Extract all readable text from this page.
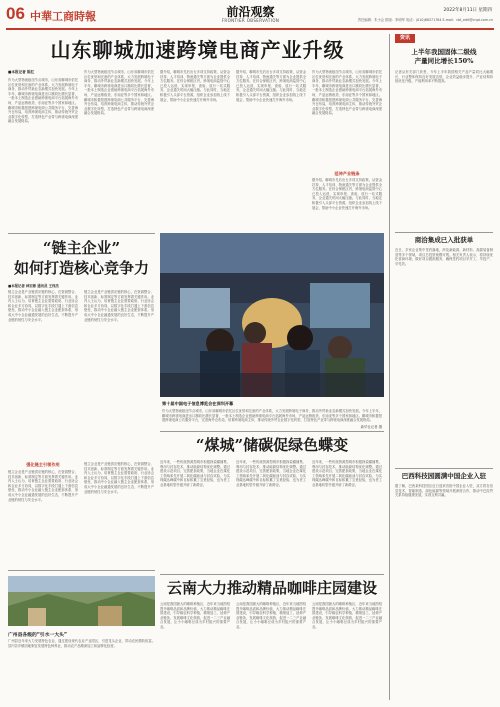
06 中華工商時報	前沿观察
FRONTIER OBSERVATION
2022年8月11日 星期四
责任编辑：朱小会 排版：李明军 电话：(010)88371784 E-mail：cbt_edit@cnpt.com.cn
山东聊城加速跨境电商产业升级
■本报记者 陈红
作为大型物流枢纽节点城市，山东省聊城市依托区位优势和完备的产业体系，大力发展跨境电子商务，推动外贸新业态新模式加快发展。今年上半年，聊城市跨境电商进出口额同比增长显著，一批本土制造企业借助跨境电商平台拓展海外市场，产品远销欧美、东南亚等多个国家和地区。聊城市积极搭建跨境电商公共服务平台，完善海外仓布局，培育跨境电商主体，推动传统外贸企业数字化转型，打造特色产业带与跨境电商深度融合发展格局。
作为大型物流枢纽节点城市，山东省聊城市依托区位优势和完备的产业体系，大力发展跨境电子商务，推动外贸新业态新模式加快发展。今年上半年，聊城市跨境电商进出口额同比增长显著，一批本土制造企业借助跨境电商平台拓展海外市场，产品远销欧美、东南亚等多个国家和地区。聊城市积极搭建跨境电商公共服务平台，完善海外仓布局，培育跨境电商主体，推动传统外贸企业数字化转型，打造特色产业带与跨境电商深度融合发展格局。
据介绍，聊城市先后出台多项支持政策，从资金扶持、人才培训、物流通关等方面为企业提供全方位服务。在综合保税区内，跨境电商监管中心已投入运营，实现申报、查验、放行一站式服务，企业通关时间大幅压缩。与此同时，当地还积极引入头部平台资源，组织企业参加线上线下展会，帮助中小企业快速打开海外市场。
据介绍，聊城市先后出台多项支持政策，从资金扶持、人才培训、物流通关等方面为企业提供全方位服务。在综合保税区内，跨境电商监管中心已投入运营，实现申报、查验、放行一站式服务，企业通关时间大幅压缩。与此同时，当地还积极引入头部平台资源，组织企业参加线上线下展会，帮助中小企业快速打开海外市场。
作为大型物流枢纽节点城市，山东省聊城市依托区位优势和完备的产业体系，大力发展跨境电子商务，推动外贸新业态新模式加快发展。今年上半年，聊城市跨境电商进出口额同比增长显著，一批本土制造企业借助跨境电商平台拓展海外市场，产品远销欧美、东南亚等多个国家和地区。聊城市积极搭建跨境电商公共服务平台，完善海外仓布局，培育跨境电商主体，推动传统外贸企业数字化转型，打造特色产业带与跨境电商深度融合发展格局。
延伸产业链条
据介绍，聊城市先后出台多项支持政策，从资金扶持、人才培训、物流通关等方面为企业提供全方位服务。在综合保税区内，跨境电商监管中心已投入运营，实现申报、查验、放行一站式服务，企业通关时间大幅压缩。与此同时，当地还积极引入头部平台资源，组织企业参加线上线下展会，帮助中小企业快速打开海外市场。
“链主企业”
如何打造核心竞争力
■本报记者 林宏彬 通讯员 王伟杰
链主企业是产业链供应链的核心，在资源整合、技术创新、标准制定等方面发挥着关键作用。业内人士认为，培育链主企业需要政府、行业协会和企业多方协同，以数字化手段打通上下游信息壁垒，推动中小企业融入链主企业配套体系，形成大中小企业融通发展的良好生态，不断提升产业链的韧性与安全水平。
链主企业是产业链供应链的核心，在资源整合、技术创新、标准制定等方面发挥着关键作用。业内人士认为，培育链主企业需要政府、行业协会和企业多方协同，以数字化手段打通上下游信息壁垒，推动中小企业融入链主企业配套体系，形成大中小企业融通发展的良好生态，不断提升产业链的韧性与安全水平。
强化链主引领作用
链主企业是产业链供应链的核心，在资源整合、技术创新、标准制定等方面发挥着关键作用。业内人士认为，培育链主企业需要政府、行业协会和企业多方协同，以数字化手段打通上下游信息壁垒，推动中小企业融入链主企业配套体系，形成大中小企业融通发展的良好生态，不断提升产业链的韧性与安全水平。
链主企业是产业链供应链的核心，在资源整合、技术创新、标准制定等方面发挥着关键作用。业内人士认为，培育链主企业需要政府、行业协会和企业多方协同，以数字化手段打通上下游信息壁垒，推动中小企业融入链主企业配套体系，形成大中小企业融通发展的良好生态，不断提升产业链的韧性与安全水平。
第十届中国电子信息博览会在深圳开幕
作为大型物流枢纽节点城市，山东省聊城市依托区位优势和完备的产业体系，大力发展跨境电子商务，推动外贸新业态新模式加快发展。今年上半年，聊城市跨境电商进出口额同比增长显著，一批本土制造企业借助跨境电商平台拓展海外市场，产品远销欧美、东南亚等多个国家和地区。聊城市积极搭建跨境电商公共服务平台，完善海外仓布局，培育跨境电商主体，推动传统外贸企业数字化转型，打造特色产业带与跨境电商深度融合发展格局。
新华社记者 摄
“煤城”储碳促绿色蝶变
近年来，一些传统资源型城市积极探索碳捕集、利用与封存技术，推动能源结构优化调整。通过建设示范项目、完善配套政策，当地企业在煤化工领域率先开展二氧化碳驱油与封存试验，为实现碳达峰碳中和目标积累了宝贵经验，也为老工业基地转型升级开辟了新路径。
近年来，一些传统资源型城市积极探索碳捕集、利用与封存技术，推动能源结构优化调整。通过建设示范项目、完善配套政策，当地企业在煤化工领域率先开展二氧化碳驱油与封存试验，为实现碳达峰碳中和目标积累了宝贵经验，也为老工业基地转型升级开辟了新路径。
近年来，一些传统资源型城市积极探索碳捕集、利用与封存技术，推动能源结构优化调整。通过建设示范项目、完善配套政策，当地企业在煤化工领域率先开展二氧化碳驱油与封存试验，为实现碳达峰碳中和目标积累了宝贵经验，也为老工业基地转型升级开辟了新路径。
广州县各级的“引水一大头”
广州县近年来大力发展特色农业，通过建设现代农业产业园区，引进龙头企业，带动农民增收致富。县内各乡镇因地制宜发展特色种养业，推动农产品精深加工和品牌化经营。
云南大力推动精品咖啡庄园建设
云南是我国最大的咖啡种植区，近年来当地围绕提升咖啡品质和品牌价值，大力推动精品咖啡庄园建设，引导咖农科学种植、精细加工，延伸产业链条，发展咖啡文化旅游，促进一二三产业融合发展，让小小咖啡豆成为乡村振兴的重要产业。
云南是我国最大的咖啡种植区，近年来当地围绕提升咖啡品质和品牌价值，大力推动精品咖啡庄园建设，引导咖农科学种植、精细加工，延伸产业链条，发展咖啡文化旅游，促进一二三产业融合发展，让小小咖啡豆成为乡村振兴的重要产业。
云南是我国最大的咖啡种植区，近年来当地围绕提升咖啡品质和品牌价值，大力推动精品咖啡庄园建设，引导咖农科学种植、精细加工，延伸产业链条，发展咖啡文化旅游，促进一二三产业融合发展，让小小咖啡豆成为乡村振兴的重要产业。
资讯
上半年我国固体二级线
产量同比增长150%
记者从有关部门获悉，今年上半年我国相关产品产量同比大幅增长，行业整体保持良好发展态势，企业效益稳步提升，产业结构持续优化升级，产能利用率不断提高。
商洽集成已入批获单
近日，多家企业集中签约落地，涉及新能源、新材料、高端装备制造等多个领域，项目总投资规模可观。相关负责人表示，将持续优化营商环境，做好项目跟踪服务，确保签约项目早开工、早投产、早见效。
巴西科技园圆满中国企业入驻
据了解，巴西某科技园区近日迎来首批中国企业入驻，双方将在信息技术、智能制造、绿色能源等领域开展深度合作，推动中巴经贸关系持续健康发展，实现互利共赢。
